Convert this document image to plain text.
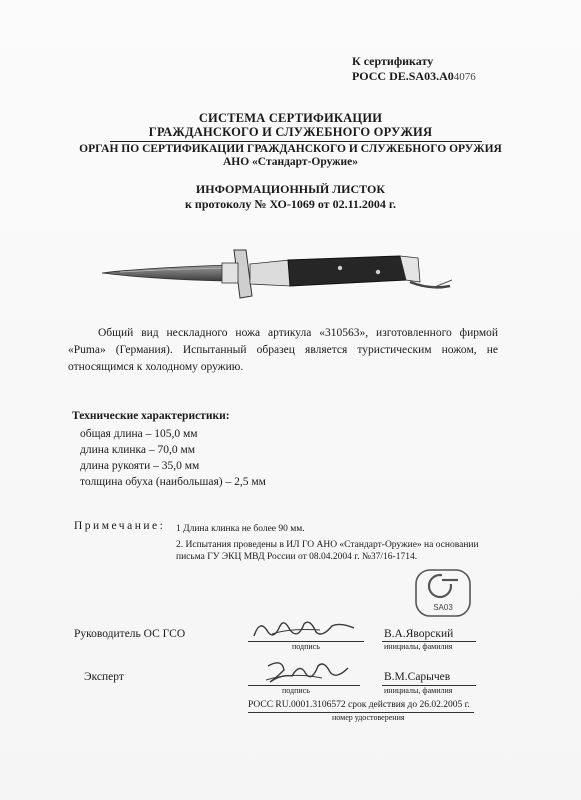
К сертификату
РОСС DE.SA03.A04076
СИСТЕМА СЕРТИФИКАЦИИ
ГРАЖДАНСКОГО И СЛУЖЕБНОГО ОРУЖИЯ
ОРГАН ПО СЕРТИФИКАЦИИ ГРАЖДАНСКОГО И СЛУЖЕБНОГО ОРУЖИЯ
АНО «Стандарт-Оружие»
ИНФОРМАЦИОННЫЙ ЛИСТОК
к протоколу № ХО-1069 от 02.11.2004 г.
Общий вид нескладного ножа артикула «310563», изготовленного фирмой «Puma» (Германия). Испытанный образец является туристическим ножом, не относящимся к холодному оружию.
Технические характеристики:
общая длина – 105,0 мм
длина клинка – 70,0 мм
длина рукояти – 35,0 мм
толщина обуха (наибольшая) – 2,5 мм
Примечание: 1 Длина клинка не более 90 мм.
2. Испытания проведены в ИЛ ГО АНО «Стандарт-Оружие» на основании письма ГУ ЭКЦ МВД России от 08.04.2004 г. №37/16-1714.
SA03
Руководитель ОС ГСО
подпись
В.А.Яворский
инициалы, фамилия
Эксперт
подпись
В.М.Сарычев
инициалы, фамилия
РОСС RU.0001.3106572 срок действия до 26.02.2005 г.
номер удостоверения
